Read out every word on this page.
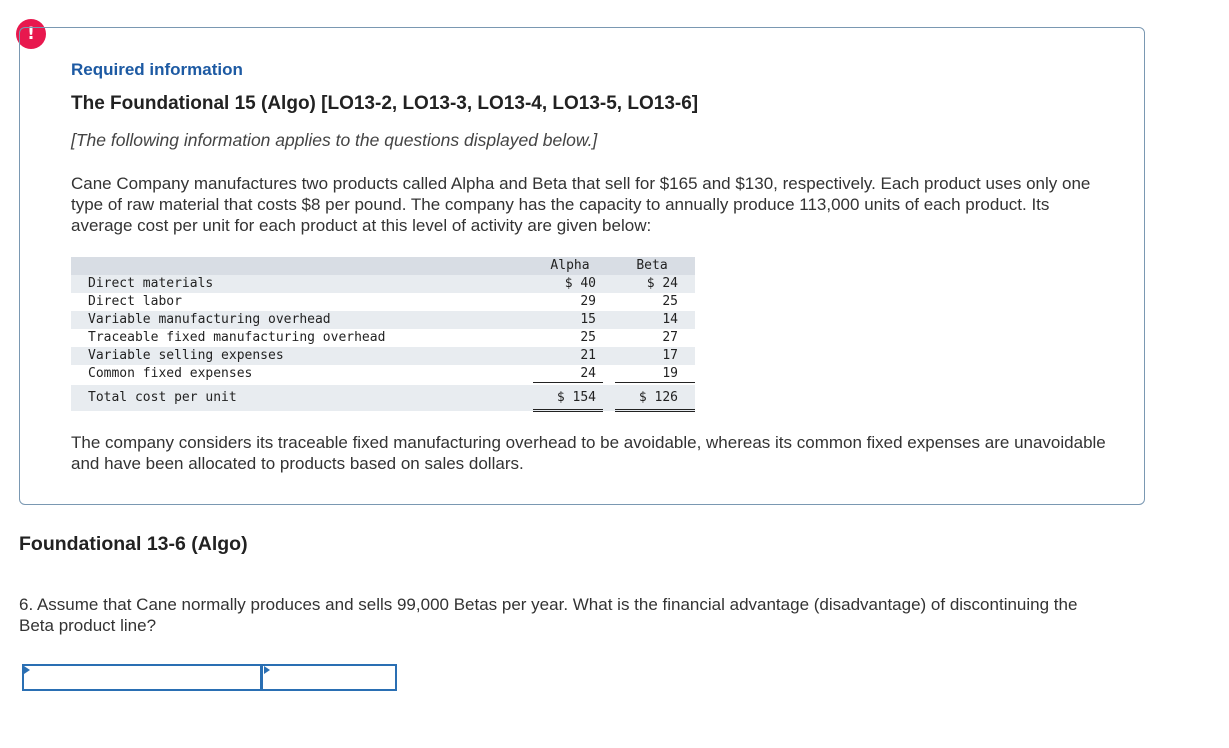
!
Required information
The Foundational 15 (Algo) [LO13-2, LO13-3, LO13-4, LO13-5, LO13-6]
[The following information applies to the questions displayed below.]
Cane Company manufactures two products called Alpha and Beta that sell for $165 and $130, respectively. Each product uses only one type of raw material that costs $8 per pound. The company has the capacity to annually produce 113,000 units of each product. Its average cost per unit for each product at this level of activity are given below:
Alpha	Beta
Direct materials	$ 40	$ 24
Direct labor	29	25
Variable manufacturing overhead	15	14
Traceable fixed manufacturing overhead	25	27
Variable selling expenses	21	17
Common fixed expenses	24	19
Total cost per unit	$ 154	$ 126
The company considers its traceable fixed manufacturing overhead to be avoidable, whereas its common fixed expenses are unavoidable and have been allocated to products based on sales dollars.
Foundational 13-6 (Algo)
6. Assume that Cane normally produces and sells 99,000 Betas per year. What is the financial advantage (disadvantage) of discontinuing the Beta product line?
